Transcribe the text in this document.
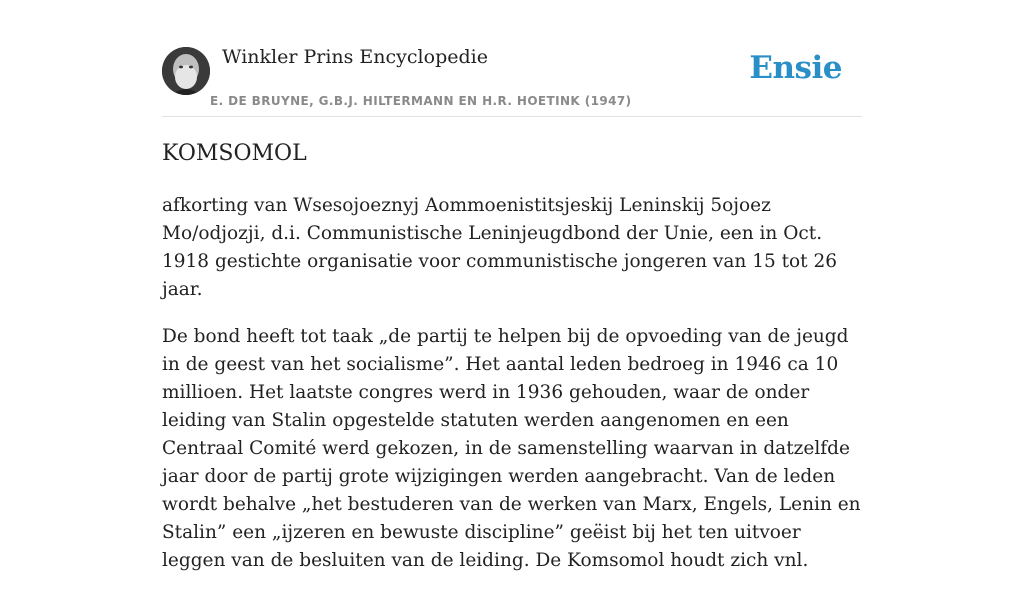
Winkler Prins Encyclopedie
E. DE BRUYNE, G.B.J. HILTERMANN EN H.R. HOETINK (1947)
Ensie
KOMSOMOL

afkorting van Wsesojoeznyj Aommoenistitsjeskij Leninskij 5ojoez Mo/odjozji, d.i. Communistische Leninjeugdbond der Unie, een in Oct. 1918 gestichte organisatie voor communistische jongeren van 15 tot 26 jaar.

De bond heeft tot taak „de partij te helpen bij de opvoeding van de jeugd in de geest van het socialisme”. Het aantal leden bedroeg in 1946 ca 10 millioen. Het laatste congres werd in 1936 gehouden, waar de onder leiding van Stalin opgestelde statuten werden aangenomen en een Centraal Comité werd gekozen, in de samenstelling waarvan in datzelfde jaar door de partij grote wijzigingen werden aangebracht. Van de leden wordt behalve „het bestuderen van de werken van Marx, Engels, Lenin en Stalin” een „ijzeren en bewuste discipline” geëist bij het ten uitvoer leggen van de besluiten van de leiding. De Komsomol houdt zich vnl.
